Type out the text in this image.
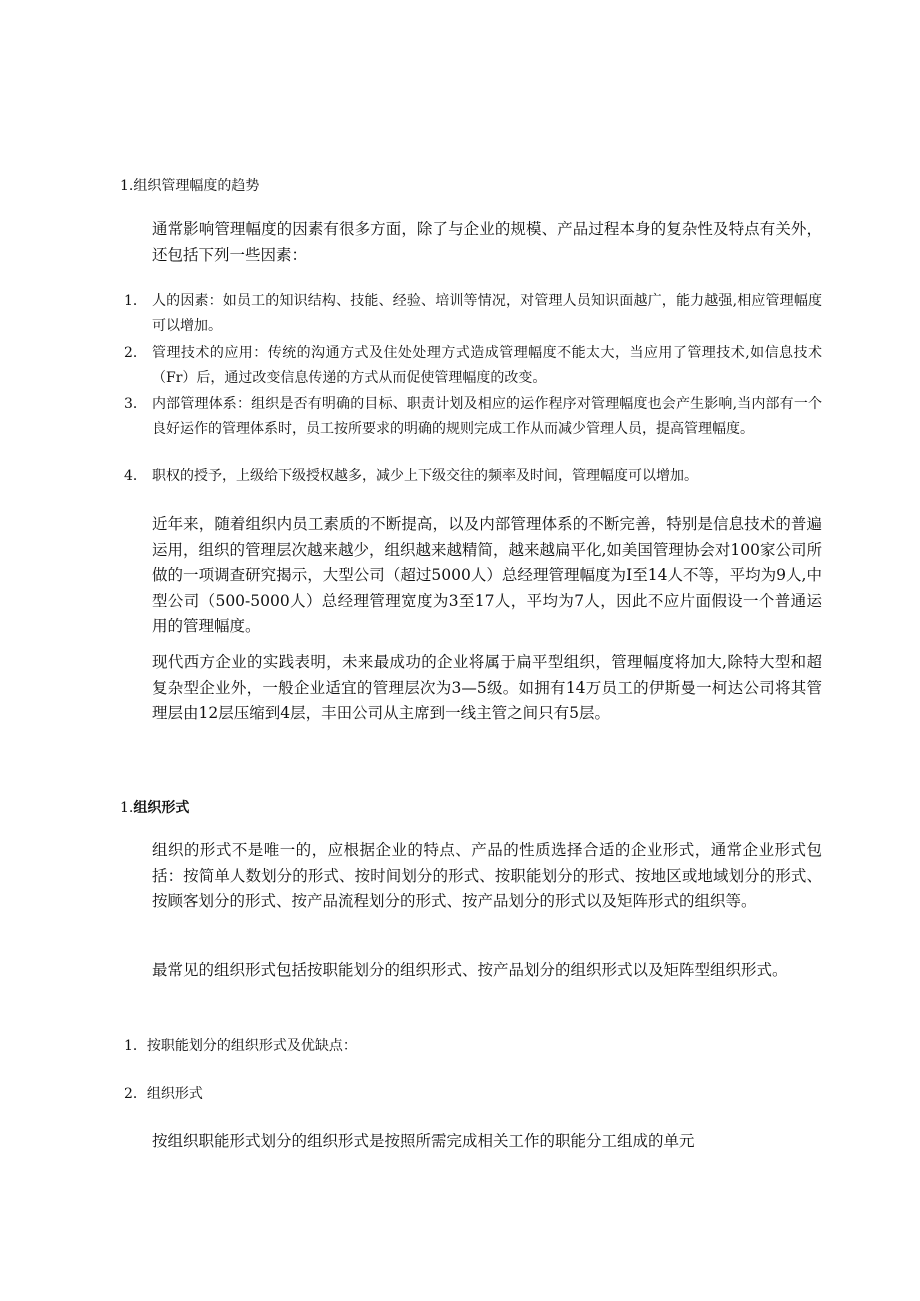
1.组织管理幅度的趋势
通常影响管理幅度的因素有很多方面，除了与企业的规模、产品过程本身的复杂性及特点有关外，还包括下列一些因素：
1． 人的因素：如员工的知识结构、技能、经验、培训等情况，对管理人员知识面越广，能力越强,相应管理幅度可以增加。
2． 管理技术的应用：传统的沟通方式及住处处理方式造成管理幅度不能太大，当应用了管理技术,如信息技术（Fr）后，通过改变信息传递的方式从而促使管理幅度的改变。
3． 内部管理体系：组织是否有明确的目标、职责计划及相应的运作程序对管理幅度也会产生影响,当内部有一个良好运作的管理体系时，员工按所要求的明确的规则完成工作从而减少管理人员，提高管理幅度。
4． 职权的授予，上级给下级授权越多，减少上下级交往的频率及时间，管理幅度可以增加。
近年来，随着组织内员工素质的不断提高，以及内部管理体系的不断完善，特别是信息技术的普遍运用，组织的管理层次越来越少，组织越来越精简，越来越扁平化,如美国管理协会对100家公司所做的一项调查研究揭示，大型公司（超过5000人）总经理管理幅度为I至14人不等，平均为9人,中型公司（500-5000人）总经理管理宽度为3至17人，平均为7人，因此不应片面假设一个普通运用的管理幅度。
现代西方企业的实践表明，未来最成功的企业将属于扁平型组织，管理幅度将加大,除特大型和超复杂型企业外，一般企业适宜的管理层次为3—5级。如拥有14万员工的伊斯曼一柯达公司将其管理层由12层压缩到4层，丰田公司从主席到一线主管之间只有5层。
1.组织形式
组织的形式不是唯一的，应根据企业的特点、产品的性质选择合适的企业形式，通常企业形式包括：按简单人数划分的形式、按时间划分的形式、按职能划分的形式、按地区或地域划分的形式、按顾客划分的形式、按产品流程划分的形式、按产品划分的形式以及矩阵形式的组织等。
最常见的组织形式包括按职能划分的组织形式、按产品划分的组织形式以及矩阵型组织形式。
1．按职能划分的组织形式及优缺点：
2．组织形式
按组织职能形式划分的组织形式是按照所需完成相关工作的职能分工组成的单元
